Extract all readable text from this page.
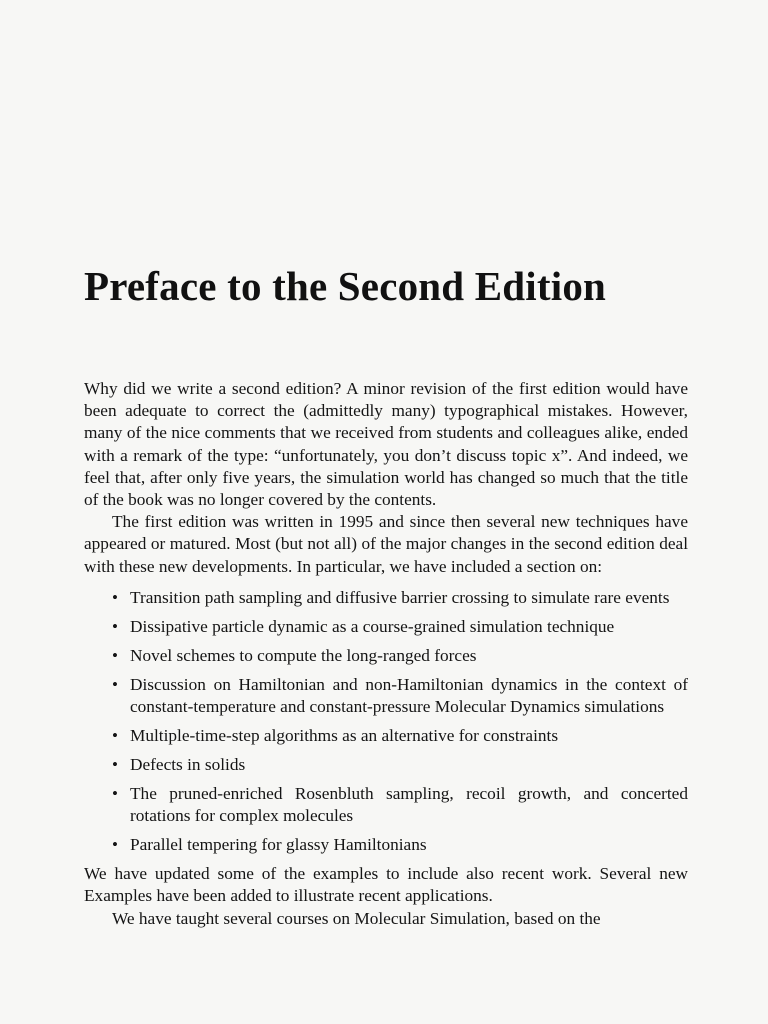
Preface to the Second Edition

Why did we write a second edition? A minor revision of the first edition would have been adequate to correct the (admittedly many) typographical mistakes. However, many of the nice comments that we received from students and colleagues alike, ended with a remark of the type: “unfortunately, you don’t discuss topic x”. And indeed, we feel that, after only five years, the simulation world has changed so much that the title of the book was no longer covered by the contents.

The first edition was written in 1995 and since then several new techniques have appeared or matured. Most (but not all) of the major changes in the second edition deal with these new developments. In particular, we have included a section on:

• Transition path sampling and diffusive barrier crossing to simulate rare events
• Dissipative particle dynamic as a course-grained simulation technique
• Novel schemes to compute the long-ranged forces
• Discussion on Hamiltonian and non-Hamiltonian dynamics in the context of constant-temperature and constant-pressure Molecular Dynamics simulations
• Multiple-time-step algorithms as an alternative for constraints
• Defects in solids
• The pruned-enriched Rosenbluth sampling, recoil growth, and concerted rotations for complex molecules
• Parallel tempering for glassy Hamiltonians

We have updated some of the examples to include also recent work. Several new Examples have been added to illustrate recent applications.

We have taught several courses on Molecular Simulation, based on the
